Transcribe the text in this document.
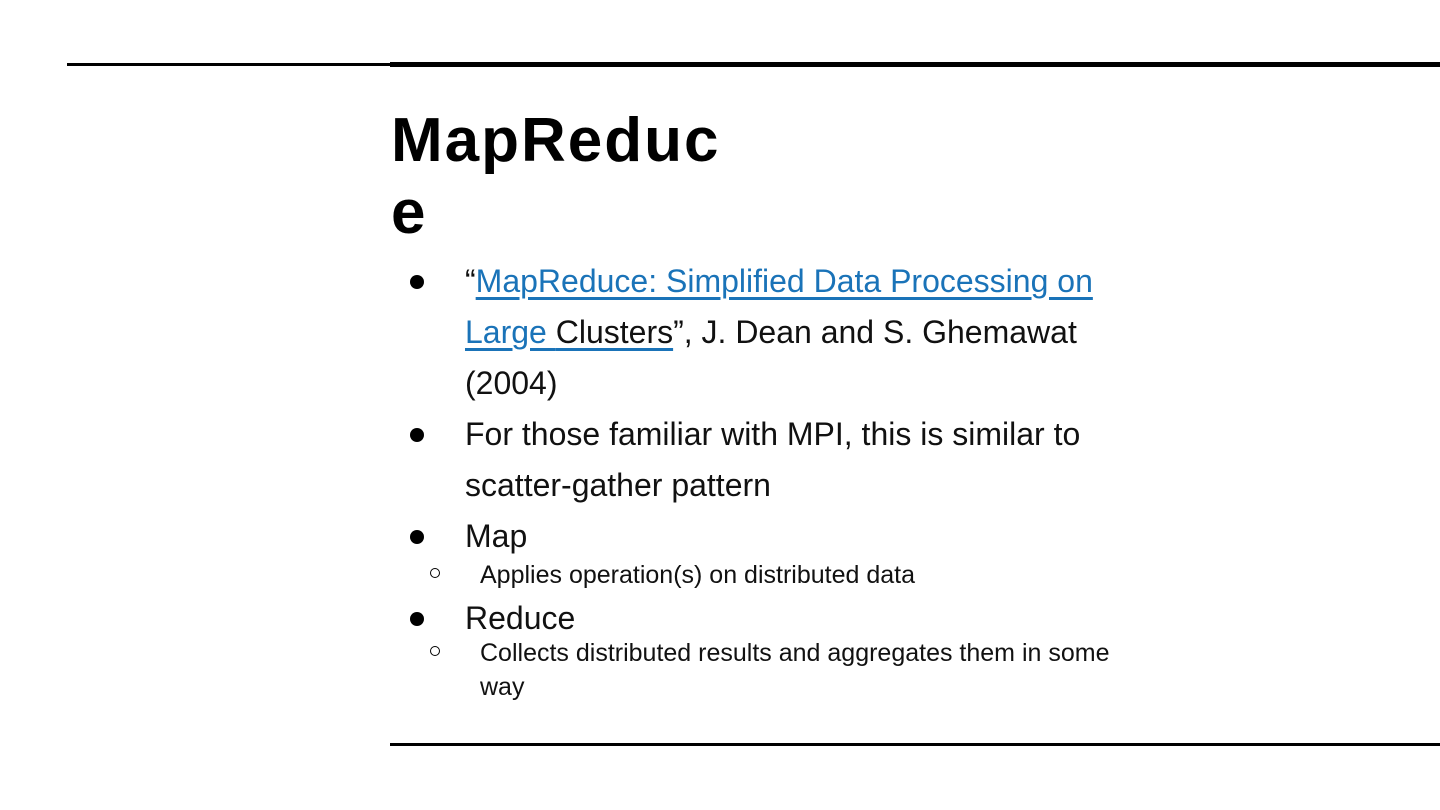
MapReduce
“MapReduce: Simplified Data Processing on Large Clusters”, J. Dean and S. Ghemawat (2004)
For those familiar with MPI, this is similar to scatter-gather pattern
Map
Applies operation(s) on distributed data
Reduce
Collects distributed results and aggregates them in some way
